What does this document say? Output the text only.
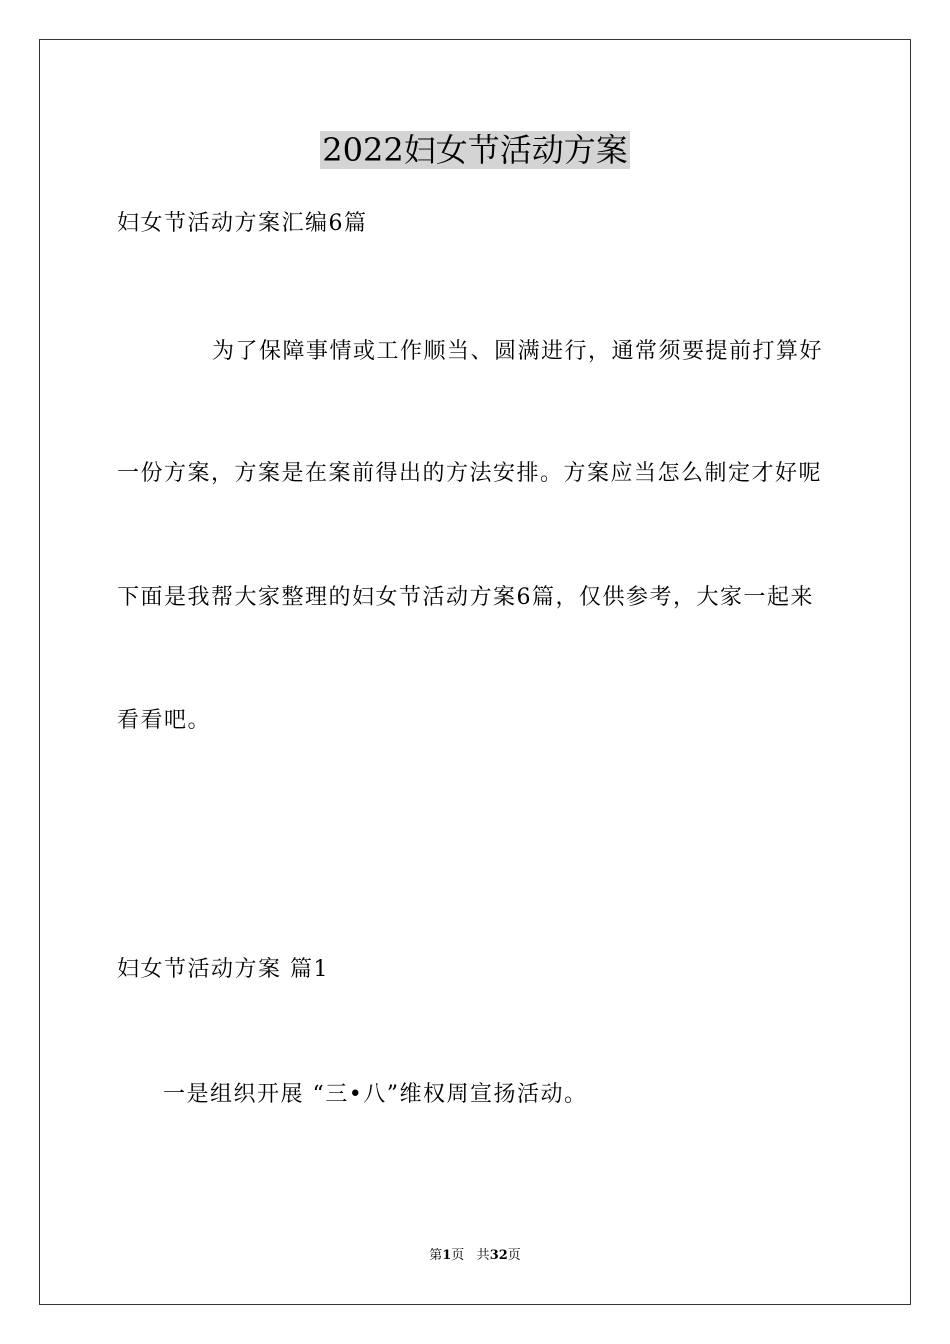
2022妇女节活动方案
妇女节活动方案汇编6篇
为了保障事情或工作顺当、圆满进行，通常须要提前打算好
一份方案，方案是在案前得出的方法安排。方案应当怎么制定才好呢
下面是我帮大家整理的妇女节活动方案6篇，仅供参考，大家一起来
看看吧。
妇女节活动方案 篇1
一是组织开展 “三•八”维权周宣扬活动。
第1页 共32页
